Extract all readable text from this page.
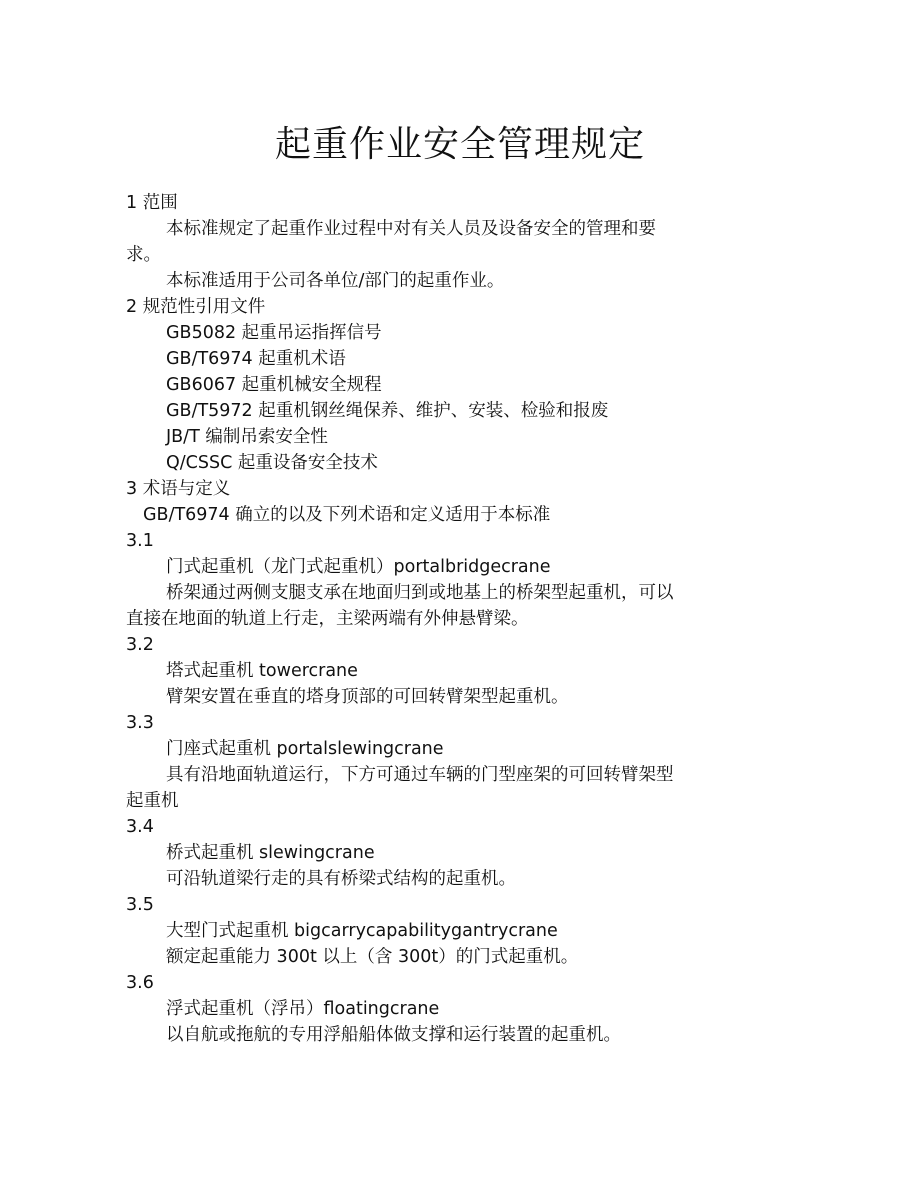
起重作业安全管理规定
1 范围
本标准规定了起重作业过程中对有关人员及设备安全的管理和要
求。
本标准适用于公司各单位/部门的起重作业。
2 规范性引用文件
GB5082 起重吊运指挥信号
GB/T6974 起重机术语
GB6067 起重机械安全规程
GB/T5972 起重机钢丝绳保养、维护、安装、检验和报废
JB/T 编制吊索安全性
Q/CSSC 起重设备安全技术
3 术语与定义
GB/T6974 确立的以及下列术语和定义适用于本标准
3.1
门式起重机（龙门式起重机）portalbridgecrane
桥架通过两侧支腿支承在地面归到或地基上的桥架型起重机，可以
直接在地面的轨道上行走，主梁两端有外伸悬臂梁。
3.2
塔式起重机 towercrane
臂架安置在垂直的塔身顶部的可回转臂架型起重机。
3.3
门座式起重机 portalslewingcrane
具有沿地面轨道运行，下方可通过车辆的门型座架的可回转臂架型
起重机
3.4
桥式起重机 slewingcrane
可沿轨道梁行走的具有桥梁式结构的起重机。
3.5
大型门式起重机 bigcarrycapabilitygantrycrane
额定起重能力 300t 以上（含 300t）的门式起重机。
3.6
浮式起重机（浮吊）floatingcrane
以自航或拖航的专用浮船船体做支撑和运行装置的起重机。
